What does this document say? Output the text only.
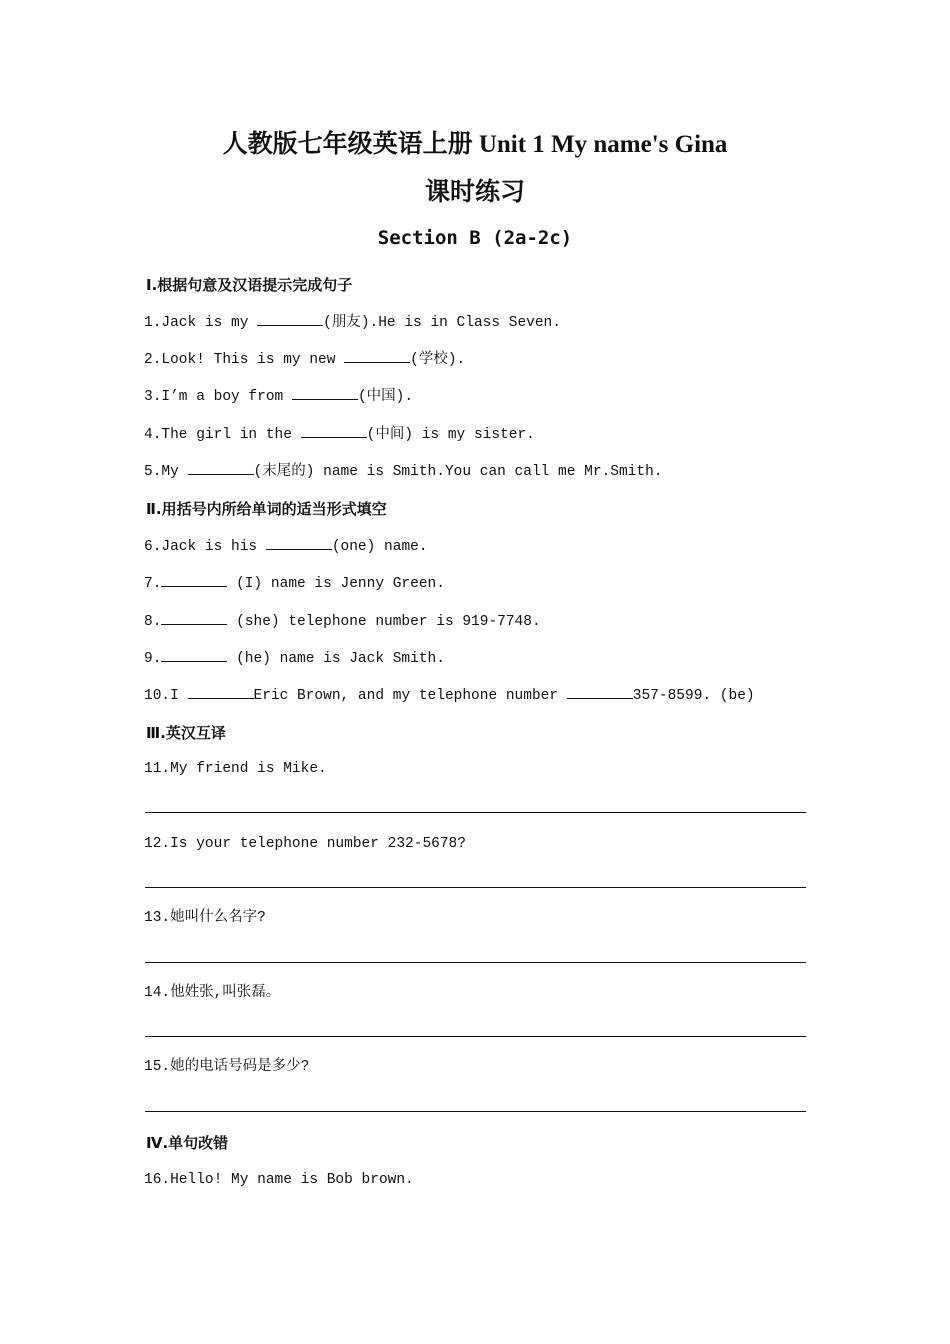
人教版七年级英语上册 Unit 1 My name's Gina
课时练习
Section B (2a-2c)
Ⅰ.根据句意及汉语提示完成句子
1.Jack is my	(朋友).He is in Class Seven.
2.Look! This is my new	(学校).
3.I’m a boy from	(中国).
4.The girl in the	(中间) is my sister.
5.My	(末尾的) name is Smith.You can call me Mr.Smith.
Ⅱ.用括号内所给单词的适当形式填空
6.Jack is his	(one) name.
7.	(I) name is Jenny Green.
8.	(she) telephone number is 919-7748.
9.	(he) name is Jack Smith.
10.I	Eric Brown, and my telephone number	357-8599. (be)
Ⅲ.英汉互译
11.My friend is Mike.
12.Is your telephone number 232-5678?
13.她叫什么名字?
14.他姓张,叫张磊。
15.她的电话号码是多少?
Ⅳ.单句改错
16.Hello! My name is Bob brown.
